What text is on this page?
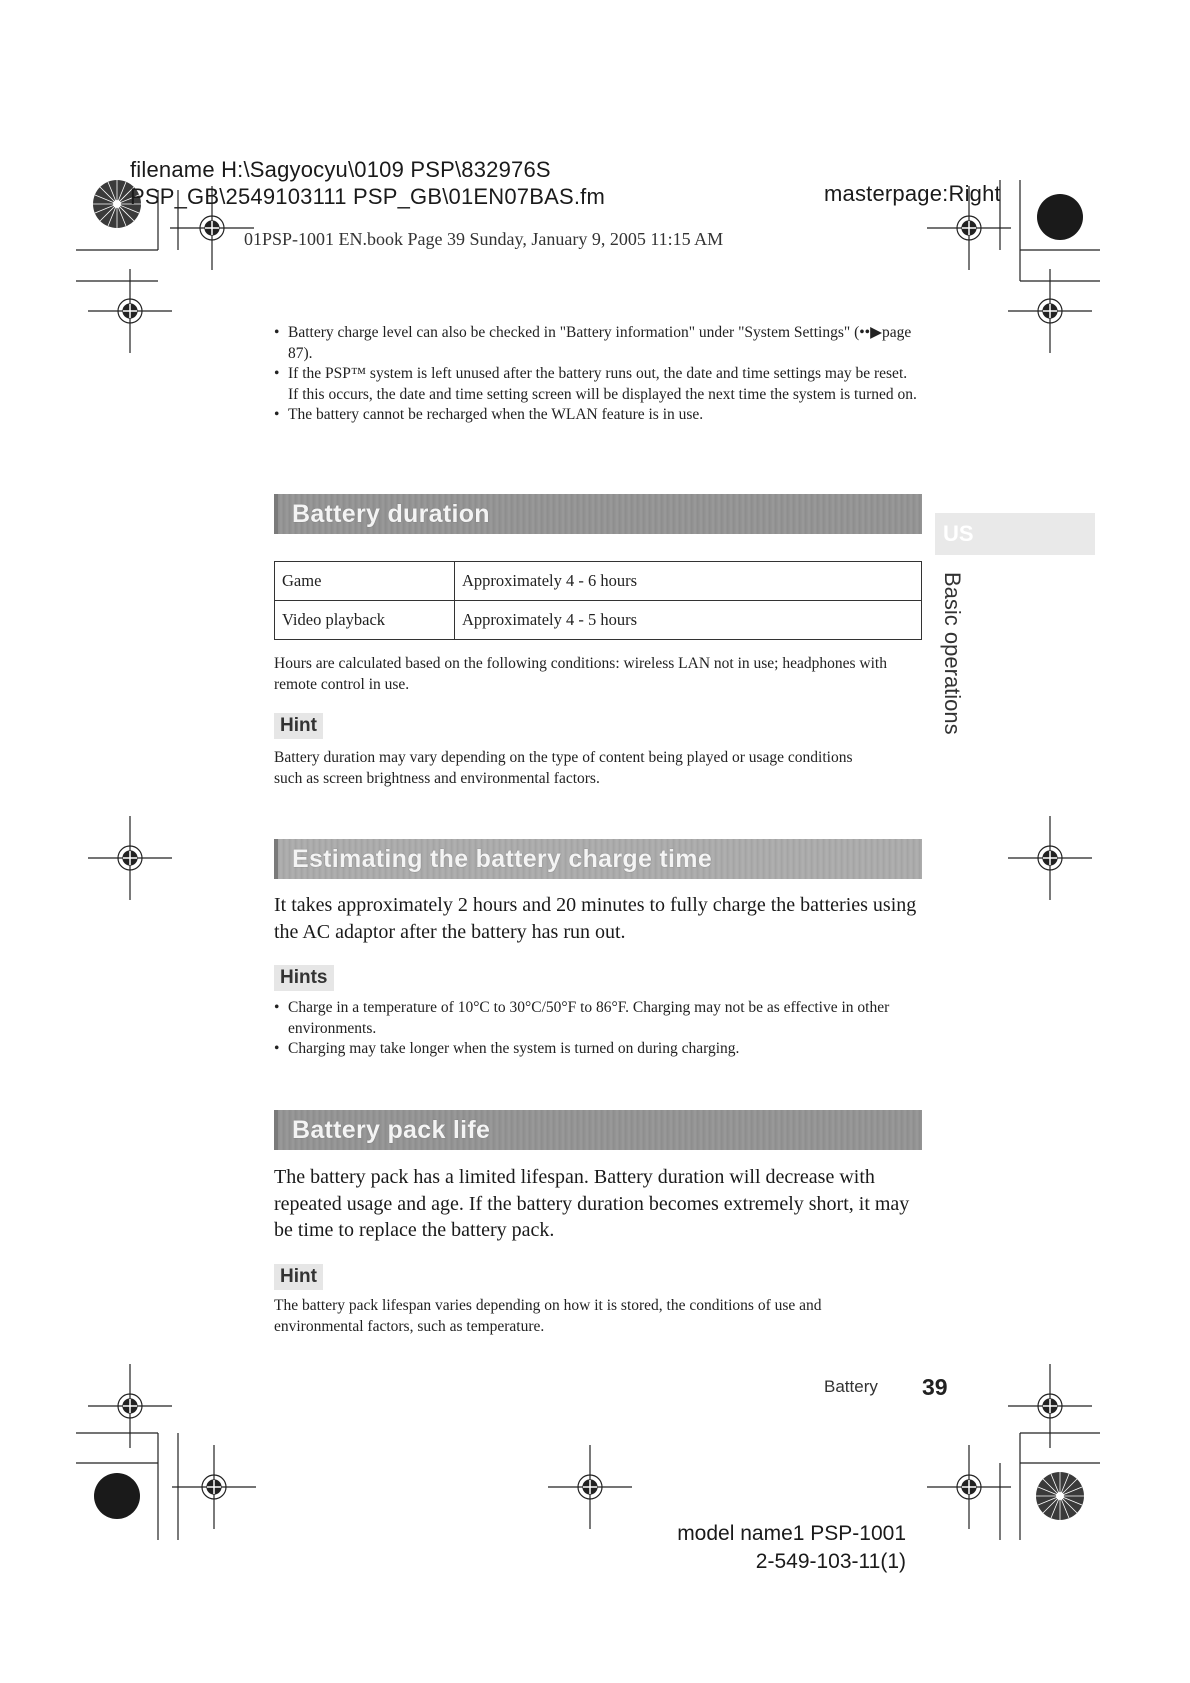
filename H:\Sagyocyu\0109 PSP\832976S
PSP_GB\2549103111 PSP_GB\01EN07BAS.fm	masterpage:Right
01PSP-1001 EN.book Page 39 Sunday, January 9, 2005 11:15 AM
• Battery charge level can also be checked in "Battery information" under "System Settings" (••▶page 87).
• If the PSP™ system is left unused after the battery runs out, the date and time settings may be reset. If this occurs, the date and time setting screen will be displayed the next time the system is turned on.
• The battery cannot be recharged when the WLAN feature is in use.
Battery duration
Game	Approximately 4 - 6 hours
Video playback	Approximately 4 - 5 hours
Hours are calculated based on the following conditions: wireless LAN not in use; headphones with remote control in use.
Hint
Battery duration may vary depending on the type of content being played or usage conditions such as screen brightness and environmental factors.
US
Basic operations
Estimating the battery charge time
It takes approximately 2 hours and 20 minutes to fully charge the batteries using the AC adaptor after the battery has run out.
Hints
• Charge in a temperature of 10°C to 30°C/50°F to 86°F. Charging may not be as effective in other environments.
• Charging may take longer when the system is turned on during charging.
Battery pack life
The battery pack has a limited lifespan. Battery duration will decrease with repeated usage and age. If the battery duration becomes extremely short, it may be time to replace the battery pack.
Hint
The battery pack lifespan varies depending on how it is stored, the conditions of use and environmental factors, such as temperature.
Battery 39
model name1 PSP-1001
2-549-103-11(1)
